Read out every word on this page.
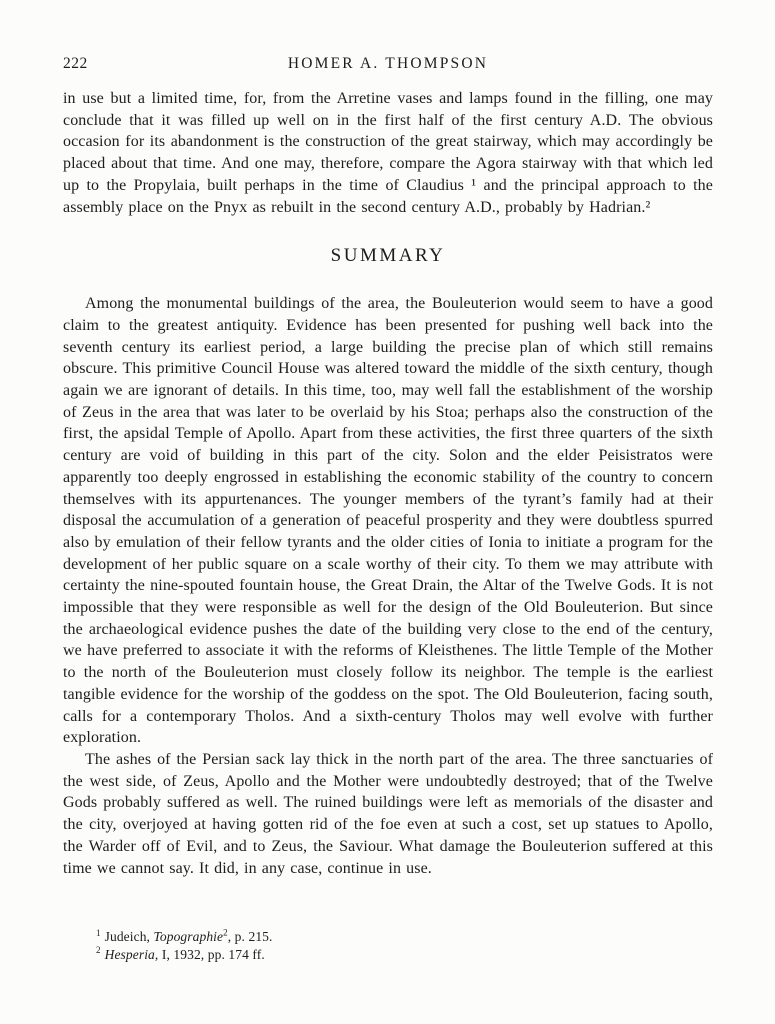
222	HOMER A. THOMPSON

in use but a limited time, for, from the Arretine vases and lamps found in the filling, one may conclude that it was filled up well on in the first half of the first century A.D. The obvious occasion for its abandonment is the construction of the great stairway, which may accordingly be placed about that time. And one may, therefore, compare the Agora stairway with that which led up to the Propylaia, built perhaps in the time of Claudius ¹ and the principal approach to the assembly place on the Pnyx as rebuilt in the second century A.D., probably by Hadrian.²

SUMMARY

Among the monumental buildings of the area, the Bouleuterion would seem to have a good claim to the greatest antiquity. Evidence has been presented for pushing well back into the seventh century its earliest period, a large building the precise plan of which still remains obscure. This primitive Council House was altered toward the middle of the sixth century, though again we are ignorant of details. In this time, too, may well fall the establishment of the worship of Zeus in the area that was later to be overlaid by his Stoa; perhaps also the construction of the first, the apsidal Temple of Apollo. Apart from these activities, the first three quarters of the sixth century are void of building in this part of the city. Solon and the elder Peisistratos were apparently too deeply engrossed in establishing the economic stability of the country to concern themselves with its appurtenances. The younger members of the tyrant’s family had at their disposal the accumulation of a generation of peaceful prosperity and they were doubtless spurred also by emulation of their fellow tyrants and the older cities of Ionia to initiate a program for the development of her public square on a scale worthy of their city. To them we may attribute with certainty the nine-spouted fountain house, the Great Drain, the Altar of the Twelve Gods. It is not impossible that they were responsible as well for the design of the Old Bouleuterion. But since the archaeological evidence pushes the date of the building very close to the end of the century, we have preferred to associate it with the reforms of Kleisthenes. The little Temple of the Mother to the north of the Bouleuterion must closely follow its neighbor. The temple is the earliest tangible evidence for the worship of the goddess on the spot. The Old Bouleuterion, facing south, calls for a contemporary Tholos. And a sixth-century Tholos may well evolve with further exploration.

The ashes of the Persian sack lay thick in the north part of the area. The three sanctuaries of the west side, of Zeus, Apollo and the Mother were undoubtedly destroyed; that of the Twelve Gods probably suffered as well. The ruined buildings were left as memorials of the disaster and the city, overjoyed at having gotten rid of the foe even at such a cost, set up statues to Apollo, the Warder off of Evil, and to Zeus, the Saviour. What damage the Bouleuterion suffered at this time we cannot say. It did, in any case, continue in use.

$^1$ Judeich, Topographie$^2$, p. 215.

$^2$ Hesperia, I, 1932, pp. 174 ff.
